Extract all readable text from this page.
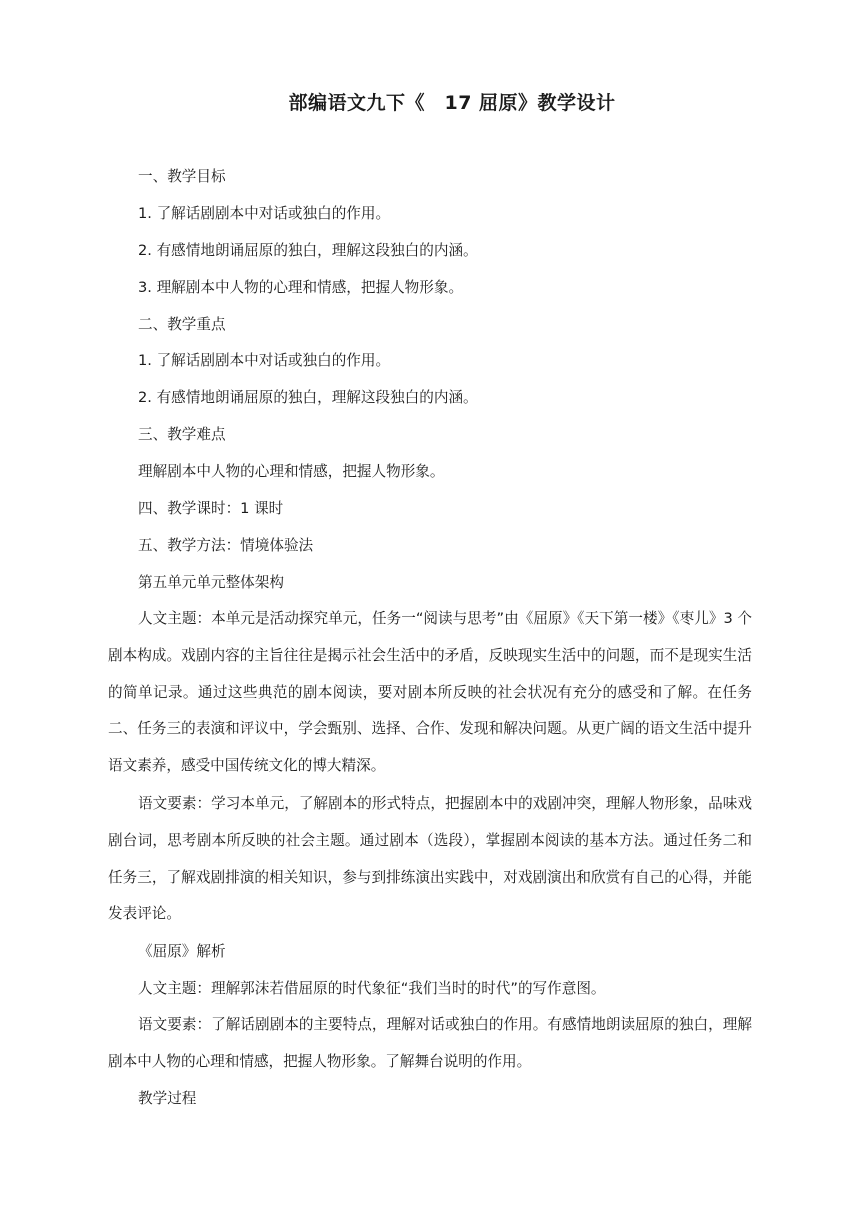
部编语文九下《　17 屈原》教学设计
一、教学目标
1. 了解话剧剧本中对话或独白的作用。
2. 有感情地朗诵屈原的独白，理解这段独白的内涵。
3. 理解剧本中人物的心理和情感，把握人物形象。
二、教学重点
1. 了解话剧剧本中对话或独白的作用。
2. 有感情地朗诵屈原的独白，理解这段独白的内涵。
三、教学难点
理解剧本中人物的心理和情感，把握人物形象。
四、教学课时：1 课时
五、教学方法：情境体验法
第五单元单元整体架构

人文主题：本单元是活动探究单元，任务一“阅读与思考”由《屈原》《天下第一楼》《枣儿》3 个剧本构成。戏剧内容的主旨往往是揭示社会生活中的矛盾，反映现实生活中的问题，而不是现实生活的简单记录。通过这些典范的剧本阅读，要对剧本所反映的社会状况有充分的感受和了解。在任务二、任务三的表演和评议中，学会甄别、选择、合作、发现和解决问题。从更广阔的语文生活中提升语文素养，感受中国传统文化的博大精深。

语文要素：学习本单元，了解剧本的形式特点，把握剧本中的戏剧冲突，理解人物形象，品味戏剧台词，思考剧本所反映的社会主题。通过剧本（选段），掌握剧本阅读的基本方法。通过任务二和任务三，了解戏剧排演的相关知识，参与到排练演出实践中，对戏剧演出和欣赏有自己的心得，并能发表评论。

《屈原》解析
人文主题：理解郭沫若借屈原的时代象征“我们当时的时代”的写作意图。

语文要素：了解话剧剧本的主要特点，理解对话或独白的作用。有感情地朗读屈原的独白，理解剧本中人物的心理和情感，把握人物形象。了解舞台说明的作用。

教学过程
